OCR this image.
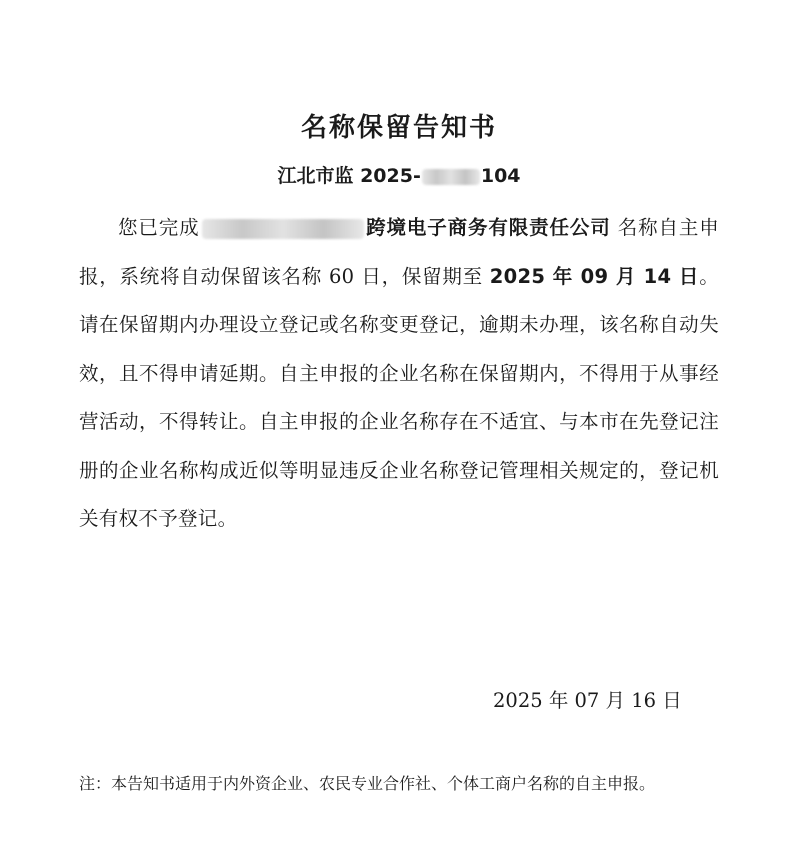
名称保留告知书
江北市监 2025-	104

您已完成	跨境电子商务有限责任公司 名称自主申报，系统将自动保留该名称 60 日，保留期至 2025 年 09 月 14 日。请在保留期内办理设立登记或名称变更登记，逾期未办理，该名称自动失效，且不得申请延期。自主申报的企业名称在保留期内，不得用于从事经营活动，不得转让。自主申报的企业名称存在不适宜、与本市在先登记注册的企业名称构成近似等明显违反企业名称登记管理相关规定的，登记机关有权不予登记。

2025 年 07 月 16 日
注：本告知书适用于内外资企业、农民专业合作社、个体工商户名称的自主申报。
